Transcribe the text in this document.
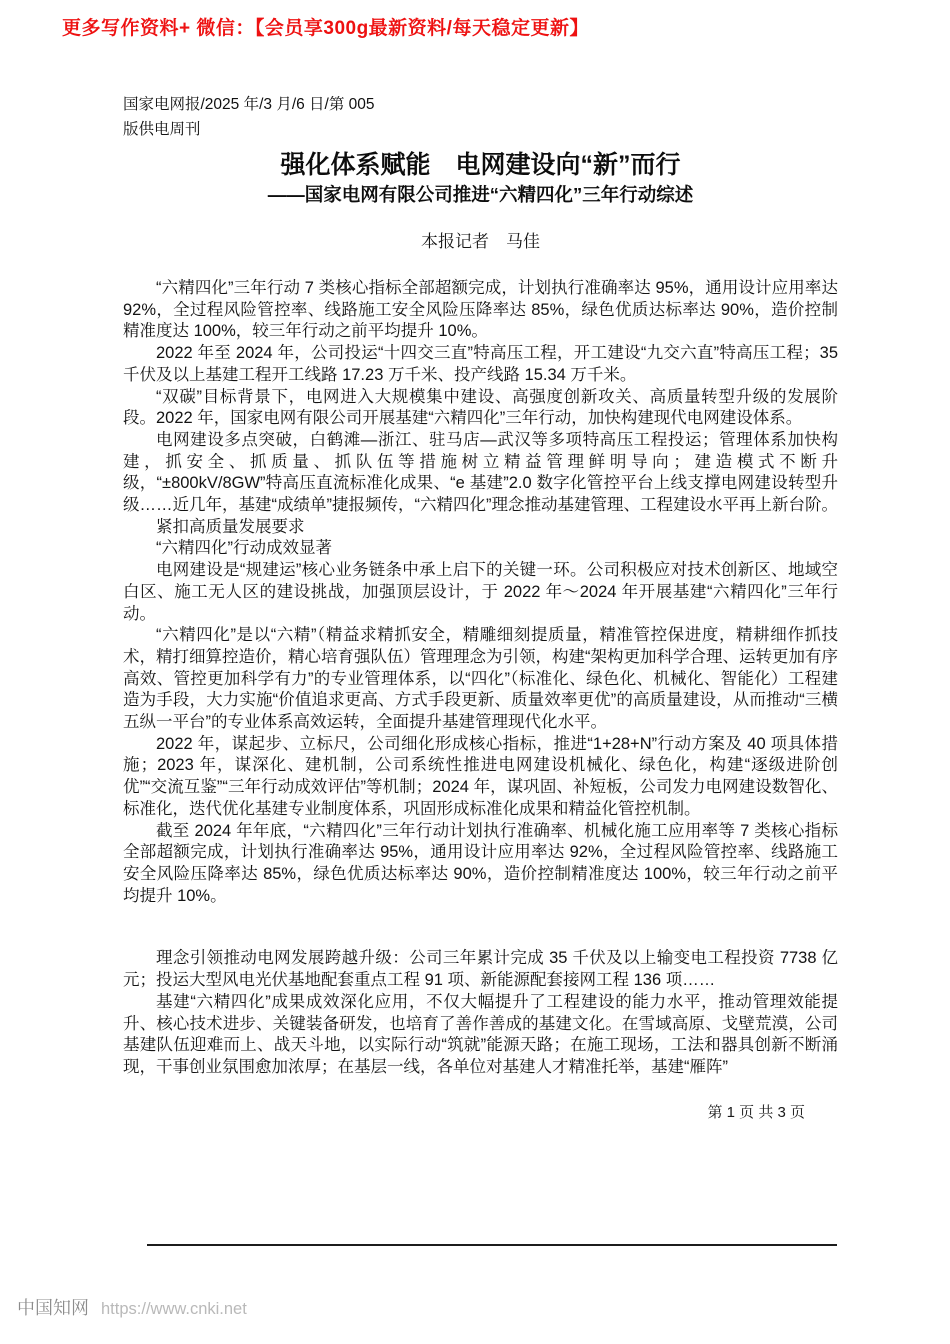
更多写作资料+ 微信：【会员享300g最新资料/每天稳定更新】
国家电网报/2025 年/3 月/6 日/第 005
版供电周刊
强化体系赋能　电网建设向“新”而行
——国家电网有限公司推进“六精四化”三年行动综述
本报记者　马佳

“六精四化”三年行动 7 类核心指标全部超额完成，计划执行准确率达 95%，通用设计应用率达 92%，全过程风险管控率、线路施工安全风险压降率达 85%，绿色优质达标率达 90%，造价控制精准度达 100%，较三年行动之前平均提升 10%。

2022 年至 2024 年，公司投运“十四交三直”特高压工程，开工建设“九交六直”特高压工程；35 千伏及以上基建工程开工线路 17.23 万千米、投产线路 15.34 万千米。

“双碳”目标背景下，电网进入大规模集中建设、高强度创新攻关、高质量转型升级的发展阶段。2022 年，国家电网有限公司开展基建“六精四化”三年行动，加快构建现代电网建设体系。

电网建设多点突破，白鹤滩—浙江、驻马店—武汉等多项特高压工程投运；管理体系加快构建，抓安全、抓质量、抓队伍等措施树立精益管理鲜明导向；建造模式不断升级，“±800kV/8GW”特高压直流标准化成果、“e 基建”2.0 数字化管控平台上线支撑电网建设转型升级……近几年，基建“成绩单”捷报频传，“六精四化”理念推动基建管理、工程建设水平再上新台阶。

紧扣高质量发展要求

“六精四化”行动成效显著

电网建设是“规建运”核心业务链条中承上启下的关键一环。公司积极应对技术创新区、地域空白区、施工无人区的建设挑战，加强顶层设计，于 2022 年～2024 年开展基建“六精四化”三年行动。

“六精四化”是以“六精”（精益求精抓安全，精雕细刻提质量，精准管控保进度，精耕细作抓技术，精打细算控造价，精心培育强队伍）管理理念为引领，构建“架构更加科学合理、运转更加有序高效、管控更加科学有力”的专业管理体系，以“四化”（标准化、绿色化、机械化、智能化）工程建造为手段，大力实施“价值追求更高、方式手段更新、质量效率更优”的高质量建设，从而推动“三横五纵一平台”的专业体系高效运转，全面提升基建管理现代化水平。

2022 年，谋起步、立标尺，公司细化形成核心指标，推进“1+28+N”行动方案及 40 项具体措施；2023 年，谋深化、建机制，公司系统性推进电网建设机械化、绿色化，构建“逐级进阶创优”“交流互鉴”“三年行动成效评估”等机制；2024 年，谋巩固、补短板，公司发力电网建设数智化、标准化，迭代优化基建专业制度体系，巩固形成标准化成果和精益化管控机制。

截至 2024 年年底，“六精四化”三年行动计划执行准确率、机械化施工应用率等 7 类核心指标全部超额完成，计划执行准确率达 95%，通用设计应用率达 92%，全过程风险管控率、线路施工安全风险压降率达 85%，绿色优质达标率达 90%，造价控制精准度达 100%，较三年行动之前平均提升 10%。

理念引领推动电网发展跨越升级：公司三年累计完成 35 千伏及以上输变电工程投资 7738 亿元；投运大型风电光伏基地配套重点工程 91 项、新能源配套接网工程 136 项……

基建“六精四化”成果成效深化应用，不仅大幅提升了工程建设的能力水平，推动管理效能提升、核心技术进步、关键装备研发，也培育了善作善成的基建文化。在雪域高原、戈壁荒漠，公司基建队伍迎难而上、战天斗地，以实际行动“筑就”能源天路；在施工现场，工法和器具创新不断涌现，干事创业氛围愈加浓厚；在基层一线，各单位对基建人才精准托举，基建“雁阵”

第 1 页 共 3 页
中国知网 https://www.cnki.net
